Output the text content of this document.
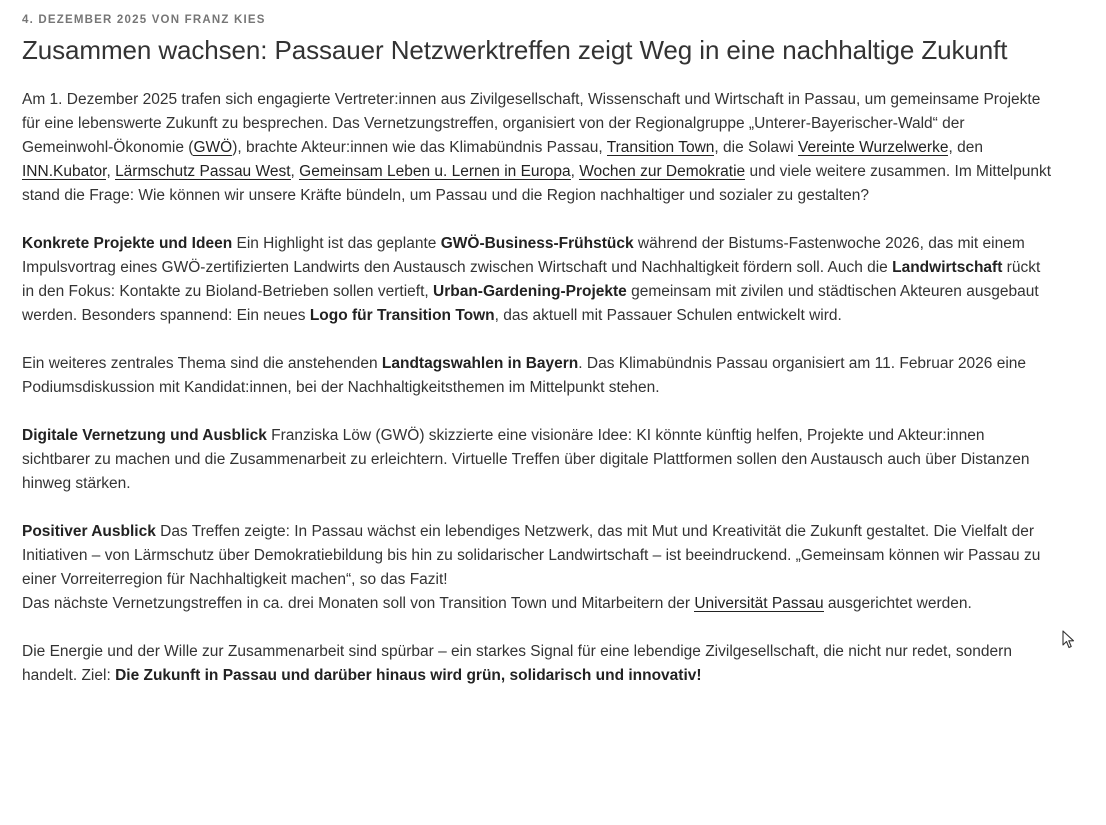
4. DEZEMBER 2025 VON FRANZ KIES
Zusammen wachsen: Passauer Netzwerktreffen zeigt Weg in eine nachhaltige Zukunft

Am 1. Dezember 2025 trafen sich engagierte Vertreter:innen aus Zivilgesellschaft, Wissenschaft und Wirtschaft in Passau, um gemeinsame Projekte für eine lebenswerte Zukunft zu besprechen. Das Vernetzungstreffen, organisiert von der Regionalgruppe „Unterer-Bayerischer-Wald“ der Gemeinwohl-Ökonomie (GWÖ), brachte Akteur:innen wie das Klimabündnis Passau, Transition Town, die Solawi Vereinte Wurzelwerke, den INN.Kubator, Lärmschutz Passau West, Gemeinsam Leben u. Lernen in Europa, Wochen zur Demokratie und viele weitere zusammen. Im Mittelpunkt stand die Frage: Wie können wir unsere Kräfte bündeln, um Passau und die Region nachhaltiger und sozialer zu gestalten?

Konkrete Projekte und Ideen Ein Highlight ist das geplante GWÖ-Business-Frühstück während der Bistums-Fastenwoche 2026, das mit einem Impulsvortrag eines GWÖ-zertifizierten Landwirts den Austausch zwischen Wirtschaft und Nachhaltigkeit fördern soll. Auch die Landwirtschaft rückt in den Fokus: Kontakte zu Bioland-Betrieben sollen vertieft, Urban-Gardening-Projekte gemeinsam mit zivilen und städtischen Akteuren ausgebaut werden. Besonders spannend: Ein neues Logo für Transition Town, das aktuell mit Passauer Schulen entwickelt wird.

Ein weiteres zentrales Thema sind die anstehenden Landtagswahlen in Bayern. Das Klimabündnis Passau organisiert am 11. Februar 2026 eine Podiumsdiskussion mit Kandidat:innen, bei der Nachhaltigkeitsthemen im Mittelpunkt stehen.

Digitale Vernetzung und Ausblick Franziska Löw (GWÖ) skizzierte eine visionäre Idee: KI könnte künftig helfen, Projekte und Akteur:innen sichtbarer zu machen und die Zusammenarbeit zu erleichtern. Virtuelle Treffen über digitale Plattformen sollen den Austausch auch über Distanzen hinweg stärken.

Positiver Ausblick Das Treffen zeigte: In Passau wächst ein lebendiges Netzwerk, das mit Mut und Kreativität die Zukunft gestaltet. Die Vielfalt der Initiativen – von Lärmschutz über Demokratiebildung bis hin zu solidarischer Landwirtschaft – ist beeindruckend. „Gemeinsam können wir Passau zu einer Vorreiterregion für Nachhaltigkeit machen“, so das Fazit!
Das nächste Vernetzungstreffen in ca. drei Monaten soll von Transition Town und Mitarbeitern der Universität Passau ausgerichtet werden.

Die Energie und der Wille zur Zusammenarbeit sind spürbar – ein starkes Signal für eine lebendige Zivilgesellschaft, die nicht nur redet, sondern handelt. Ziel: Die Zukunft in Passau und darüber hinaus wird grün, solidarisch und innovativ!
